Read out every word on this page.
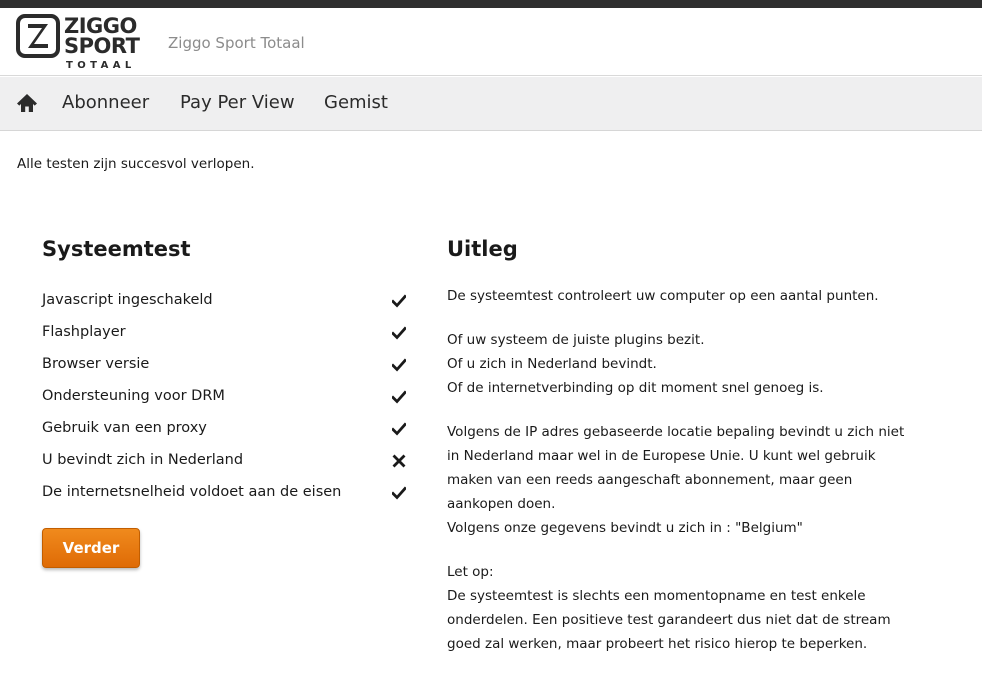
ZIGGO
SPORT
TOTAAL
Ziggo Sport Totaal
Abonneer Pay Per View Gemist
Alle testen zijn succesvol verlopen.
Systeemtest
Javascript ingeschakeld
Flashplayer
Browser versie
Ondersteuning voor DRM
Gebruik van een proxy
U bevindt zich in Nederland
De internetsnelheid voldoet aan de eisen
Verder
Uitleg
De systeemtest controleert uw computer op een aantal punten.
Of uw systeem de juiste plugins bezit.
Of u zich in Nederland bevindt.
Of de internetverbinding op dit moment snel genoeg is.
Volgens de IP adres gebaseerde locatie bepaling bevindt u zich niet
in Nederland maar wel in de Europese Unie. U kunt wel gebruik
maken van een reeds aangeschaft abonnement, maar geen
aankopen doen.
Volgens onze gegevens bevindt u zich in : "Belgium"
Let op:
De systeemtest is slechts een momentopname en test enkele
onderdelen. Een positieve test garandeert dus niet dat de stream
goed zal werken, maar probeert het risico hierop te beperken.
